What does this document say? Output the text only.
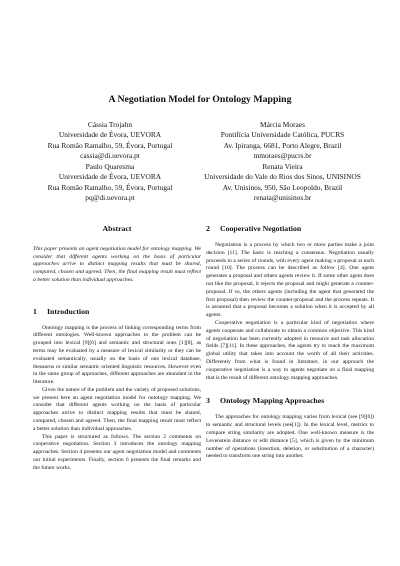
A Negotiation Model for Ontology Mapping
Cássia Trojahn
Universidade de Évora, UEVORA
Rua Romão Ramalho, 59, Évora, Portugal
cassia@di.uevora.pt
Márcia Moraes
Pontifícia Universidade Católica, PUCRS
Av. Ipiranga, 6681, Porto Alegre, Brazil
mmoraes@pucrs.br
Paulo Quaresma
Universidade de Évora, UEVORA
Rua Romão Ramalho, 59, Évora, Portugal
pq@di.uevora.pt
Renata Vieira
Universidade do Vale do Rios dos Sinos, UNISINOS
Av. Unisinos, 950, São Leopoldo, Brazil
renata@unisinos.br
Abstract

This paper presents an agent negotiation model for ontology mapping. We consider that different agents working on the basis of particular approaches arrive to distinct mapping results that must be shared, compared, chosen and agreed. Then, the final mapping result must reflect a better solution than individual approaches.

1 Introduction

Ontology mapping is the process of linking corresponding terms from different ontologies. Well-known approaches to the problem can be grouped into lexical [9][6] and semantic and structural ones [1][8], as terms may be evaluated by a measure of lexical similarity or they can be evaluated semantically, usually on the basis of one lexical database, thesaurus or similar semantic oriented linguistic resources. However even in the same group of approaches, different approaches are abundant in the literature.

Given the nature of the problem and the variety of proposed solutions, we present here an agent negotiation model for ontology mapping. We consider that different agents working on the basis of particular approaches arrive to distinct mapping results that must be shared, compared, chosen and agreed. Then, the final mapping result must reflect a better solution than individual approaches.

This paper is structured as follows. The section 2 comments on cooperative negotiation. Section 3 introduces the ontology mapping approaches. Section 4 presents our agent negotiation model and comments our initial experiments. Finally, section 6 presents the final remarks and the future works.

2 Cooperative Negotiation

Negotiation is a process by which two or more parties make a joint decision [11]. The basic is reaching a consensus. Negotiation usually proceeds in a series of rounds, with every agent making a proposal at each round [10]. The process can be described as follow [4]. One agent generates a proposal and others agents review it. If some other agent does not like the proposal, it rejects the proposal and might generate a counter-proposal. If so, the others agents (including the agent that generated the first proposal) then review the counter-proposal and the process repeats. It is assumed that a proposal becomes a solution when it is accepted by all agents.

Cooperative negotiation is a particular kind of negotiation where agents cooperate and collaborate to obtain a common objective. This kind of negotiation has been currently adopted in resource and task allocation fields [7][11]. In these approaches, the agents try to reach the maximum global utility that takes into account the worth of all their activities. Differently from what is found in literature, in our approach the cooperative negotiation is a way to agents negotiate on a final mapping that is the result of different ontology mapping approaches.

3 Ontology Mapping Approaches

The approaches for ontology mapping varies from lexical (see [9][6]) to semantic and structural levels (see[1]). In the lexical level, metrics to compare string similarity are adopted. One well-known measure is the Levenstein distance or edit distance [5], which is given by the minimum number of operations (insertion, deletion, or substitution of a character) needed to transform one string into another.
